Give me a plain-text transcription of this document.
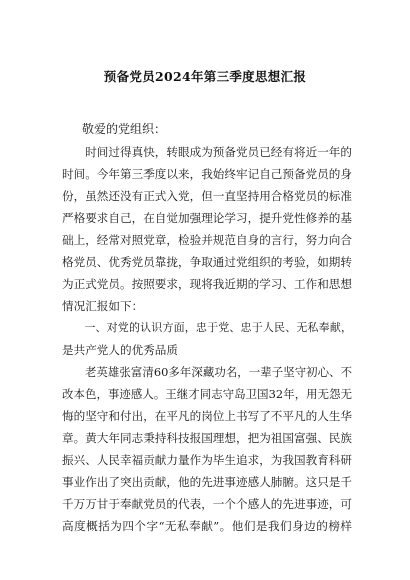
预备党员2024年第三季度思想汇报
敬爱的党组织：
　　时间过得真快，转眼成为预备党员已经有将近一年的
时间。今年第三季度以来，我始终牢记自己预备党员的身
份，虽然还没有正式入党，但一直坚持用合格党员的标准
严格要求自己，在自觉加强理论学习，提升党性修养的基
础上，经常对照党章，检验并规范自身的言行，努力向合
格党员、优秀党员靠拢，争取通过党组织的考验，如期转
为正式党员。按照要求，现将我近期的学习、工作和思想
情况汇报如下：
　　一、对党的认识方面，忠于党、忠于人民、无私奉献，
是共产党人的优秀品质
　　老英雄张富清60多年深藏功名，一辈子坚守初心、不
改本色，事迹感人。王继才同志守岛卫国32年，用无怨无
悔的坚守和付出，在平凡的岗位上书写了不平凡的人生华
章。黄大年同志秉持科技报国理想，把为祖国富强、民族
振兴、人民幸福贡献力量作为毕生追求，为我国教育科研
事业作出了突出贡献，他的先进事迹感人肺腑。这只是千
千万万甘于奉献党员的代表，一个个感人的先进事迹，可
高度概括为四个字“无私奉献”。他们是我们身边的榜样
